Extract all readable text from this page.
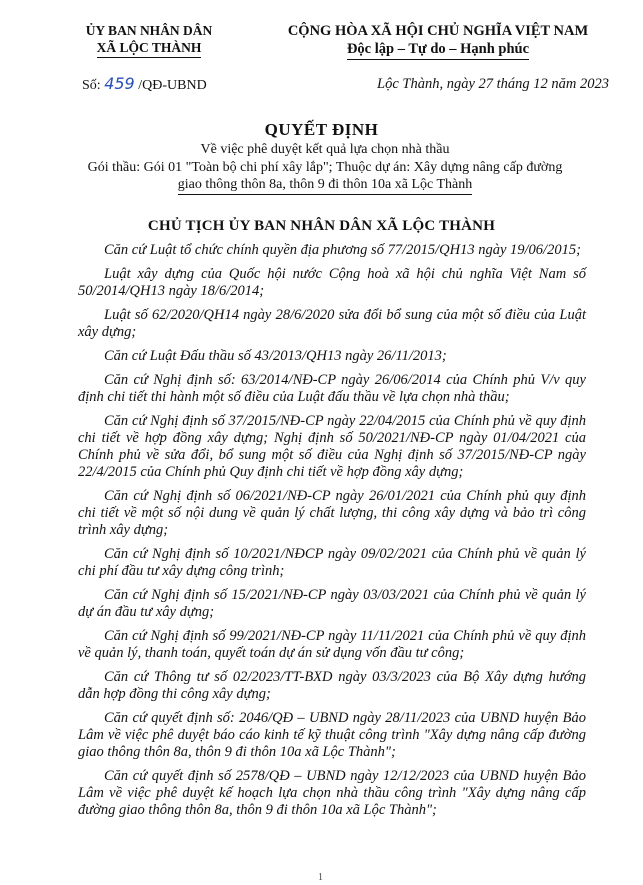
ỦY BAN NHÂN DÂN
XÃ LỘC THÀNH
CỘNG HÒA XÃ HỘI CHỦ NGHĨA VIỆT NAM
Độc lập – Tự do – Hạnh phúc
Số: 459 /QĐ-UBND	Lộc Thành, ngày 27 tháng 12 năm 2023
QUYẾT ĐỊNH
Về việc phê duyệt kết quả lựa chọn nhà thầu
Gói thầu: Gói 01 "Toàn bộ chi phí xây lắp"; Thuộc dự án: Xây dựng nâng cấp đường
giao thông thôn 8a, thôn 9 đi thôn 10a xã Lộc Thành
CHỦ TỊCH ỦY BAN NHÂN DÂN XÃ LỘC THÀNH

Căn cứ Luật tổ chức chính quyền địa phương số 77/2015/QH13 ngày 19/06/2015;

Luật xây dựng của Quốc hội nước Cộng hoà xã hội chủ nghĩa Việt Nam số 50/2014/QH13 ngày 18/6/2014;

Luật số 62/2020/QH14 ngày 28/6/2020 sửa đổi bổ sung của một số điều của Luật xây dựng;

Căn cứ Luật Đấu thầu số 43/2013/QH13 ngày 26/11/2013;

Căn cứ Nghị định số: 63/2014/NĐ-CP ngày 26/06/2014 của Chính phủ V/v quy định chi tiết thi hành một số điều của Luật đấu thầu về lựa chọn nhà thầu;

Căn cứ Nghị định số 37/2015/NĐ-CP ngày 22/04/2015 của Chính phủ về quy định chi tiết về hợp đồng xây dựng; Nghị định số 50/2021/NĐ-CP ngày 01/04/2021 của Chính phủ về sửa đổi, bổ sung một số điều của Nghị định số 37/2015/NĐ-CP ngày 22/4/2015 của Chính phủ Quy định chi tiết về hợp đồng xây dựng;

Căn cứ Nghị định số 06/2021/NĐ-CP ngày 26/01/2021 của Chính phủ quy định chi tiết về một số nội dung về quản lý chất lượng, thi công xây dựng và bảo trì công trình xây dựng;

Căn cứ Nghị định số 10/2021/NĐCP ngày 09/02/2021 của Chính phủ về quản lý chi phí đầu tư xây dựng công trình;

Căn cứ Nghị định số 15/2021/NĐ-CP ngày 03/03/2021 của Chính phủ về quản lý dự án đầu tư xây dựng;

Căn cứ Nghị định số 99/2021/NĐ-CP ngày 11/11/2021 của Chính phủ về quy định về quản lý, thanh toán, quyết toán dự án sử dụng vốn đầu tư công;

Căn cứ Thông tư số 02/2023/TT-BXD ngày 03/3/2023 của Bộ Xây dựng hướng dẫn hợp đồng thi công xây dựng;

Căn cứ quyết định số: 2046/QĐ – UBND ngày 28/11/2023 của UBND huyện Bảo Lâm về việc phê duyệt báo cáo kinh tế kỹ thuật công trình "Xây dựng nâng cấp đường giao thông thôn 8a, thôn 9 đi thôn 10a xã Lộc Thành";

Căn cứ quyết định số 2578/QĐ – UBND ngày 12/12/2023 của UBND huyện Bảo Lâm về việc phê duyệt kế hoạch lựa chọn nhà thầu công trình "Xây dựng nâng cấp đường giao thông thôn 8a, thôn 9 đi thôn 10a xã Lộc Thành";

1
